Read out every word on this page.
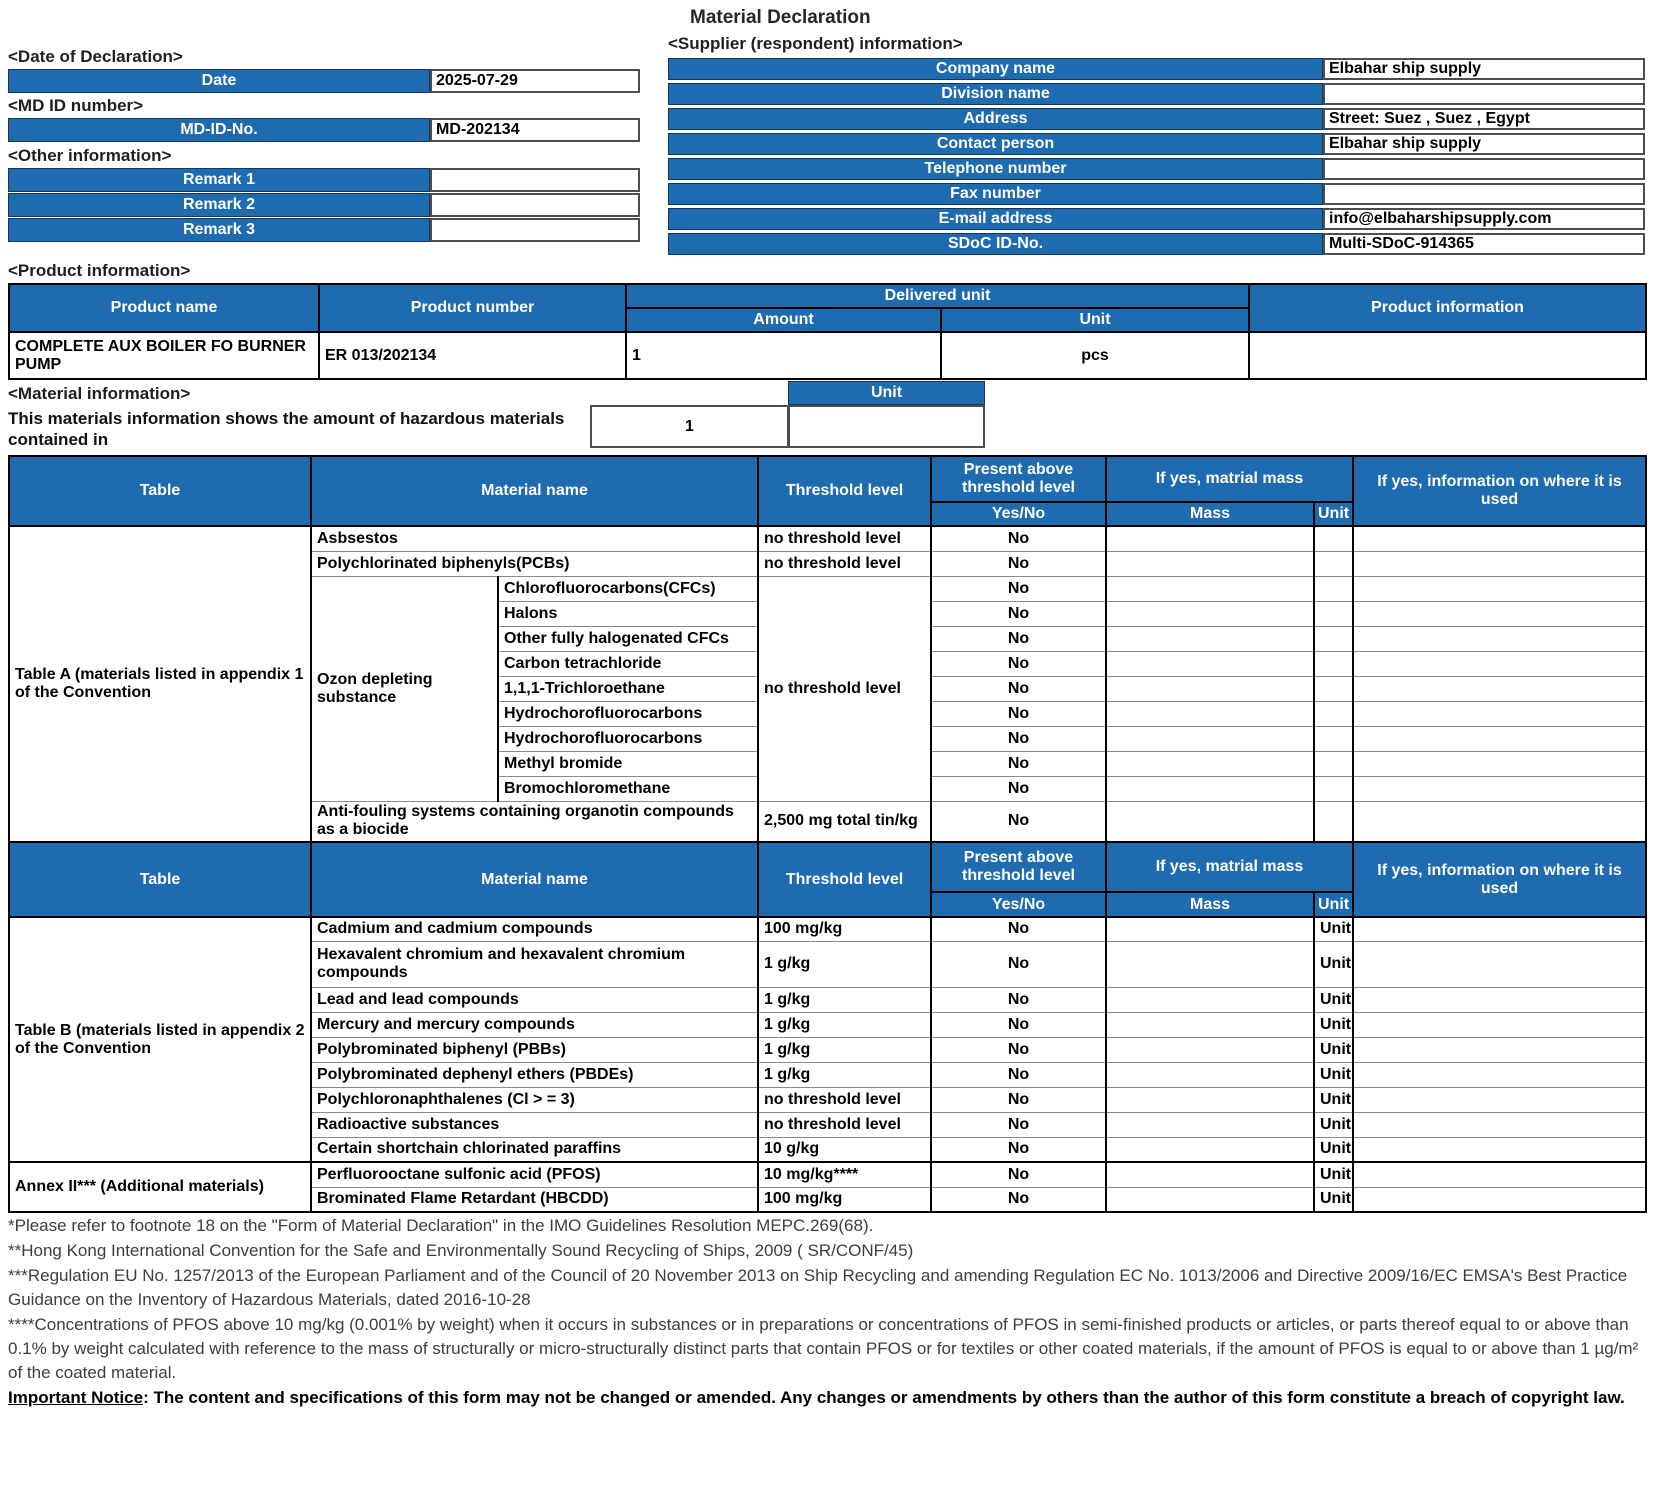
Material Declaration
<Date of Declaration>
Date	2025-07-29
<MD ID number>
MD-ID-No.	MD-202134
<Other information>
Remark 1
Remark 2
Remark 3
<Supplier (respondent) information>
Company name	Elbahar ship supply
Division name
Address	Street: Suez , Suez , Egypt
Contact person	Elbahar ship supply
Telephone number
Fax number
E-mail address	info@elbaharshipsupply.com
SDoC ID-No.	Multi-SDoC-914365
<Product information>
Product name	Product number	Delivered unit		Product information
		Amount	Unit	
COMPLETE AUX BOILER FO BURNER PUMP	ER 013/202134	1	pcs	
<Material information>
This materials information shows the amount of hazardous materials contained in
Unit
1
Table	Material name		Threshold level	Present above threshold level	If yes, matrial mass		If yes, information on where it is used
				Yes/No	Mass	Unit	
Table A (materials listed in appendix 1 of the Convention	Asbsestos		no threshold level	No			
	Polychlorinated biphenyls(PCBs)		no threshold level	No			
	Ozon depleting substance	Chlorofluorocarbons(CFCs)	no threshold level	No			
		Halons		No			
		Other fully halogenated CFCs		No			
		Carbon tetrachloride		No			
		1,1,1-Trichloroethane		No			
		Hydrochorofluorocarbons		No			
		Hydrochorofluorocarbons		No			
		Methyl bromide		No			
		Bromochloromethane		No			
	Anti-fouling systems containing organotin compounds as a biocide		2,500 mg total tin/kg	No			
Table	Material name		Threshold level	Present above threshold level	If yes, matrial mass		If yes, information on where it is used
				Yes/No	Mass	Unit	
Table B (materials listed in appendix 2 of the Convention	Cadmium and cadmium compounds		100 mg/kg	No		Unit	
	Hexavalent chromium and hexavalent chromium compounds		1 g/kg	No		Unit	
	Lead and lead compounds		1 g/kg	No		Unit	
	Mercury and mercury compounds		1 g/kg	No		Unit	
	Polybrominated biphenyl (PBBs)		1 g/kg	No		Unit	
	Polybrominated dephenyl ethers (PBDEs)		1 g/kg	No		Unit	
	Polychloronaphthalenes (Cl > = 3)		no threshold level	No		Unit	
	Radioactive substances		no threshold level	No		Unit	
	Certain shortchain chlorinated paraffins		10 g/kg	No		Unit	
Annex II*** (Additional materials)	Perfluorooctane sulfonic acid (PFOS)		10 mg/kg****	No		Unit	
	Brominated Flame Retardant (HBCDD)		100 mg/kg	No		Unit	
*Please refer to footnote 18 on the "Form of Material Declaration" in the IMO Guidelines Resolution MEPC.269(68).
**Hong Kong International Convention for the Safe and Environmentally Sound Recycling of Ships, 2009 ( SR/CONF/45)
***Regulation EU No. 1257/2013 of the European Parliament and of the Council of 20 November 2013 on Ship Recycling and amending Regulation EC No. 1013/2006 and Directive 2009/16/EC EMSA's Best Practice Guidance on the Inventory of Hazardous Materials, dated 2016-10-28
****Concentrations of PFOS above 10 mg/kg (0.001% by weight) when it occurs in substances or in preparations or concentrations of PFOS in semi-finished products or articles, or parts thereof equal to or above than 0.1% by weight calculated with reference to the mass of structurally or micro-structurally distinct parts that contain PFOS or for textiles or other coated materials, if the amount of PFOS is equal to or above than 1 µg/m² of the coated material.
Important Notice: The content and specifications of this form may not be changed or amended. Any changes or amendments by others than the author of this form constitute a breach of copyright law.
